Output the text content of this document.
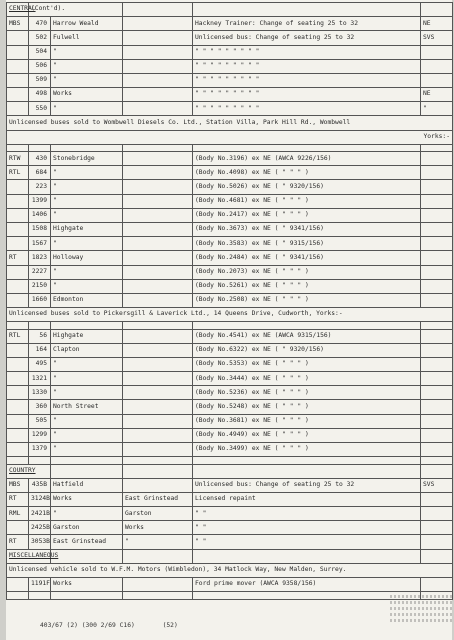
CENTRAL	(Cont'd).				
MBS	470	Harrow Weald		Hackney Trainer: Change of seating 25 to 32	NE
	502	Fulwell		Unlicensed bus: Change of seating 25 to 32	SVS
	504	"		" " " " " " " " "	
	506	"		" " " " " " " " "	
	509	"		" " " " " " " " "	
	498	Works		" " " " " " " " "	NE
	550	"		" " " " " " " " "	"
Unlicensed buses sold to Wombwell Diesels Co. Ltd., Station Villa, Park Hill Rd., Wombwell					
Yorks:-					

RTW	430	Stonebridge		(Body No.3196) ex NE (AWCA 9226/156)	
RTL	684	"		(Body No.4098) ex NE ( " " " )	
	223	"		(Body No.5026) ex NE ( " 9320/156)	
	1399	"		(Body No.4681) ex NE ( " " " )	
	1406	"		(Body No.2417) ex NE ( " " " )	
	1508	Highgate		(Body No.3673) ex NE ( " 9341/156)	
	1567	"		(Body No.3583) ex NE ( " 9315/156)	
RT	1823	Holloway		(Body No.2484) ex NE ( " 9341/156)	
	2227	"		(Body No.2073) ex NE ( " " " )	
	2150	"		(Body No.5261) ex NE ( " " " )	
	1660	Edmonton		(Body No.2508) ex NE ( " " " )	
Unlicensed buses sold to Pickersgill & Laverick Ltd., 14 Queens Drive, Cudworth, Yorks:-					

RTL	56	Highgate		(Body No.4541) ex NE (AWCA 9315/156)	
	164	Clapton		(Body No.6322) ex NE ( " 9320/156)	
	495	"		(Body No.5353) ex NE ( " " " )	
	1321	"		(Body No.3444) ex NE ( " " " )	
	1330	"		(Body No.5236) ex NE ( " " " )	
	360	North Street		(Body No.5248) ex NE ( " " " )	
	505	"		(Body No.3681) ex NE ( " " " )	
	1299	"		(Body No.4949) ex NE ( " " " )	
	1379	"		(Body No.3499) ex NE ( " " " )	

COUNTRY					
MBS	435B	Hatfield		Unlicensed bus: Change of seating 25 to 32	SVS
RT	3124B	Works	East Grinstead	Licensed repaint	
RML	2421B	"	Garston	" "	
	2425B	Garston	Works	" "	
RT	3053B	East Grinstead	"	" "	
MISCELLANEOUS					
Unlicensed vehicle sold to W.F.M. Motors (Wimbledon), 34 Matlock Way, New Malden, Surrey.					
	1191F	Works		Ford prime mover (AWCA 9358/156)	

403/67 (2) (300 2/69 C16)	(52)
